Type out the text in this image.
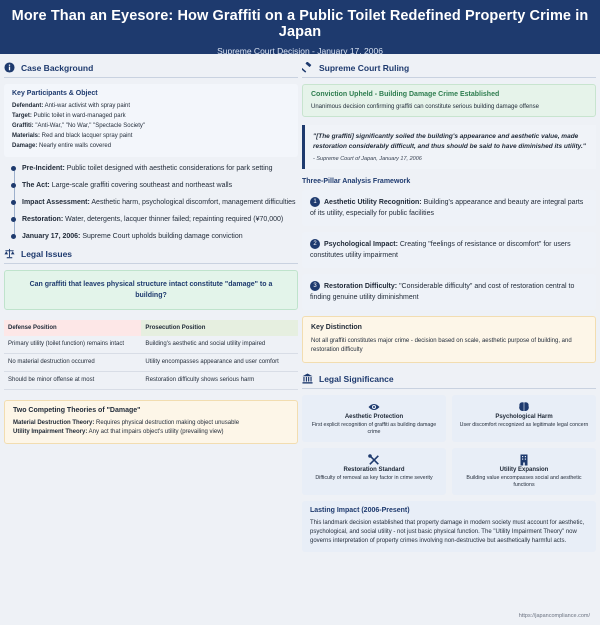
More Than an Eyesore: How Graffiti on a Public Toilet Redefined Property Crime in Japan
Supreme Court Decision - January 17, 2006
Case Background
Key Participants & Object
Defendant: Anti-war activist with spray paint
Target: Public toilet in ward-managed park
Graffiti: "Anti-War," "No War," "Spectacle Society"
Materials: Red and black lacquer spray paint
Damage: Nearly entire walls covered
Pre-Incident: Public toilet designed with aesthetic considerations for park setting
The Act: Large-scale graffiti covering southeast and northeast walls
Impact Assessment: Aesthetic harm, psychological discomfort, management difficulties
Restoration: Water, detergents, lacquer thinner failed; repainting required (¥70,000)
January 17, 2006: Supreme Court upholds building damage conviction
Legal Issues
Can graffiti that leaves physical structure intact constitute "damage" to a building?
Defense Position	Prosecution Position
Primary utility (toilet function) remains intact	Building's aesthetic and social utility impaired
No material destruction occurred	Utility encompasses appearance and user comfort
Should be minor offense at most	Restoration difficulty shows serious harm
Two Competing Theories of "Damage"
Material Destruction Theory: Requires physical destruction making object unusable
Utility Impairment Theory: Any act that impairs object's utility (prevailing view)
Supreme Court Ruling
Conviction Upheld - Building Damage Crime Established
Unanimous decision confirming graffiti can constitute serious building damage offense
"[The graffiti] significantly soiled the building's appearance and aesthetic value, made restoration considerably difficult, and thus should be said to have diminished its utility."
- Supreme Court of Japan, January 17, 2006
Three-Pillar Analysis Framework
1 Aesthetic Utility Recognition: Building's appearance and beauty are integral parts of its utility, especially for public facilities
2 Psychological Impact: Creating "feelings of resistance or discomfort" for users constitutes utility impairment
3 Restoration Difficulty: "Considerable difficulty" and cost of restoration central to finding genuine utility diminishment
Key Distinction
Not all graffiti constitutes major crime - decision based on scale, aesthetic purpose of building, and restoration difficulty
Legal Significance
Aesthetic Protection
First explicit recognition of graffiti as building damage crime
Psychological Harm
User discomfort recognized as legitimate legal concern
Restoration Standard
Difficulty of removal as key factor in crime severity
Utility Expansion
Building value encompasses social and aesthetic functions
Lasting Impact (2006-Present)
This landmark decision established that property damage in modern society must account for aesthetic, psychological, and social utility - not just basic physical function. The "Utility Impairment Theory" now governs interpretation of property crimes involving non-destructive but aesthetically harmful acts.
https://japancompliance.com/
